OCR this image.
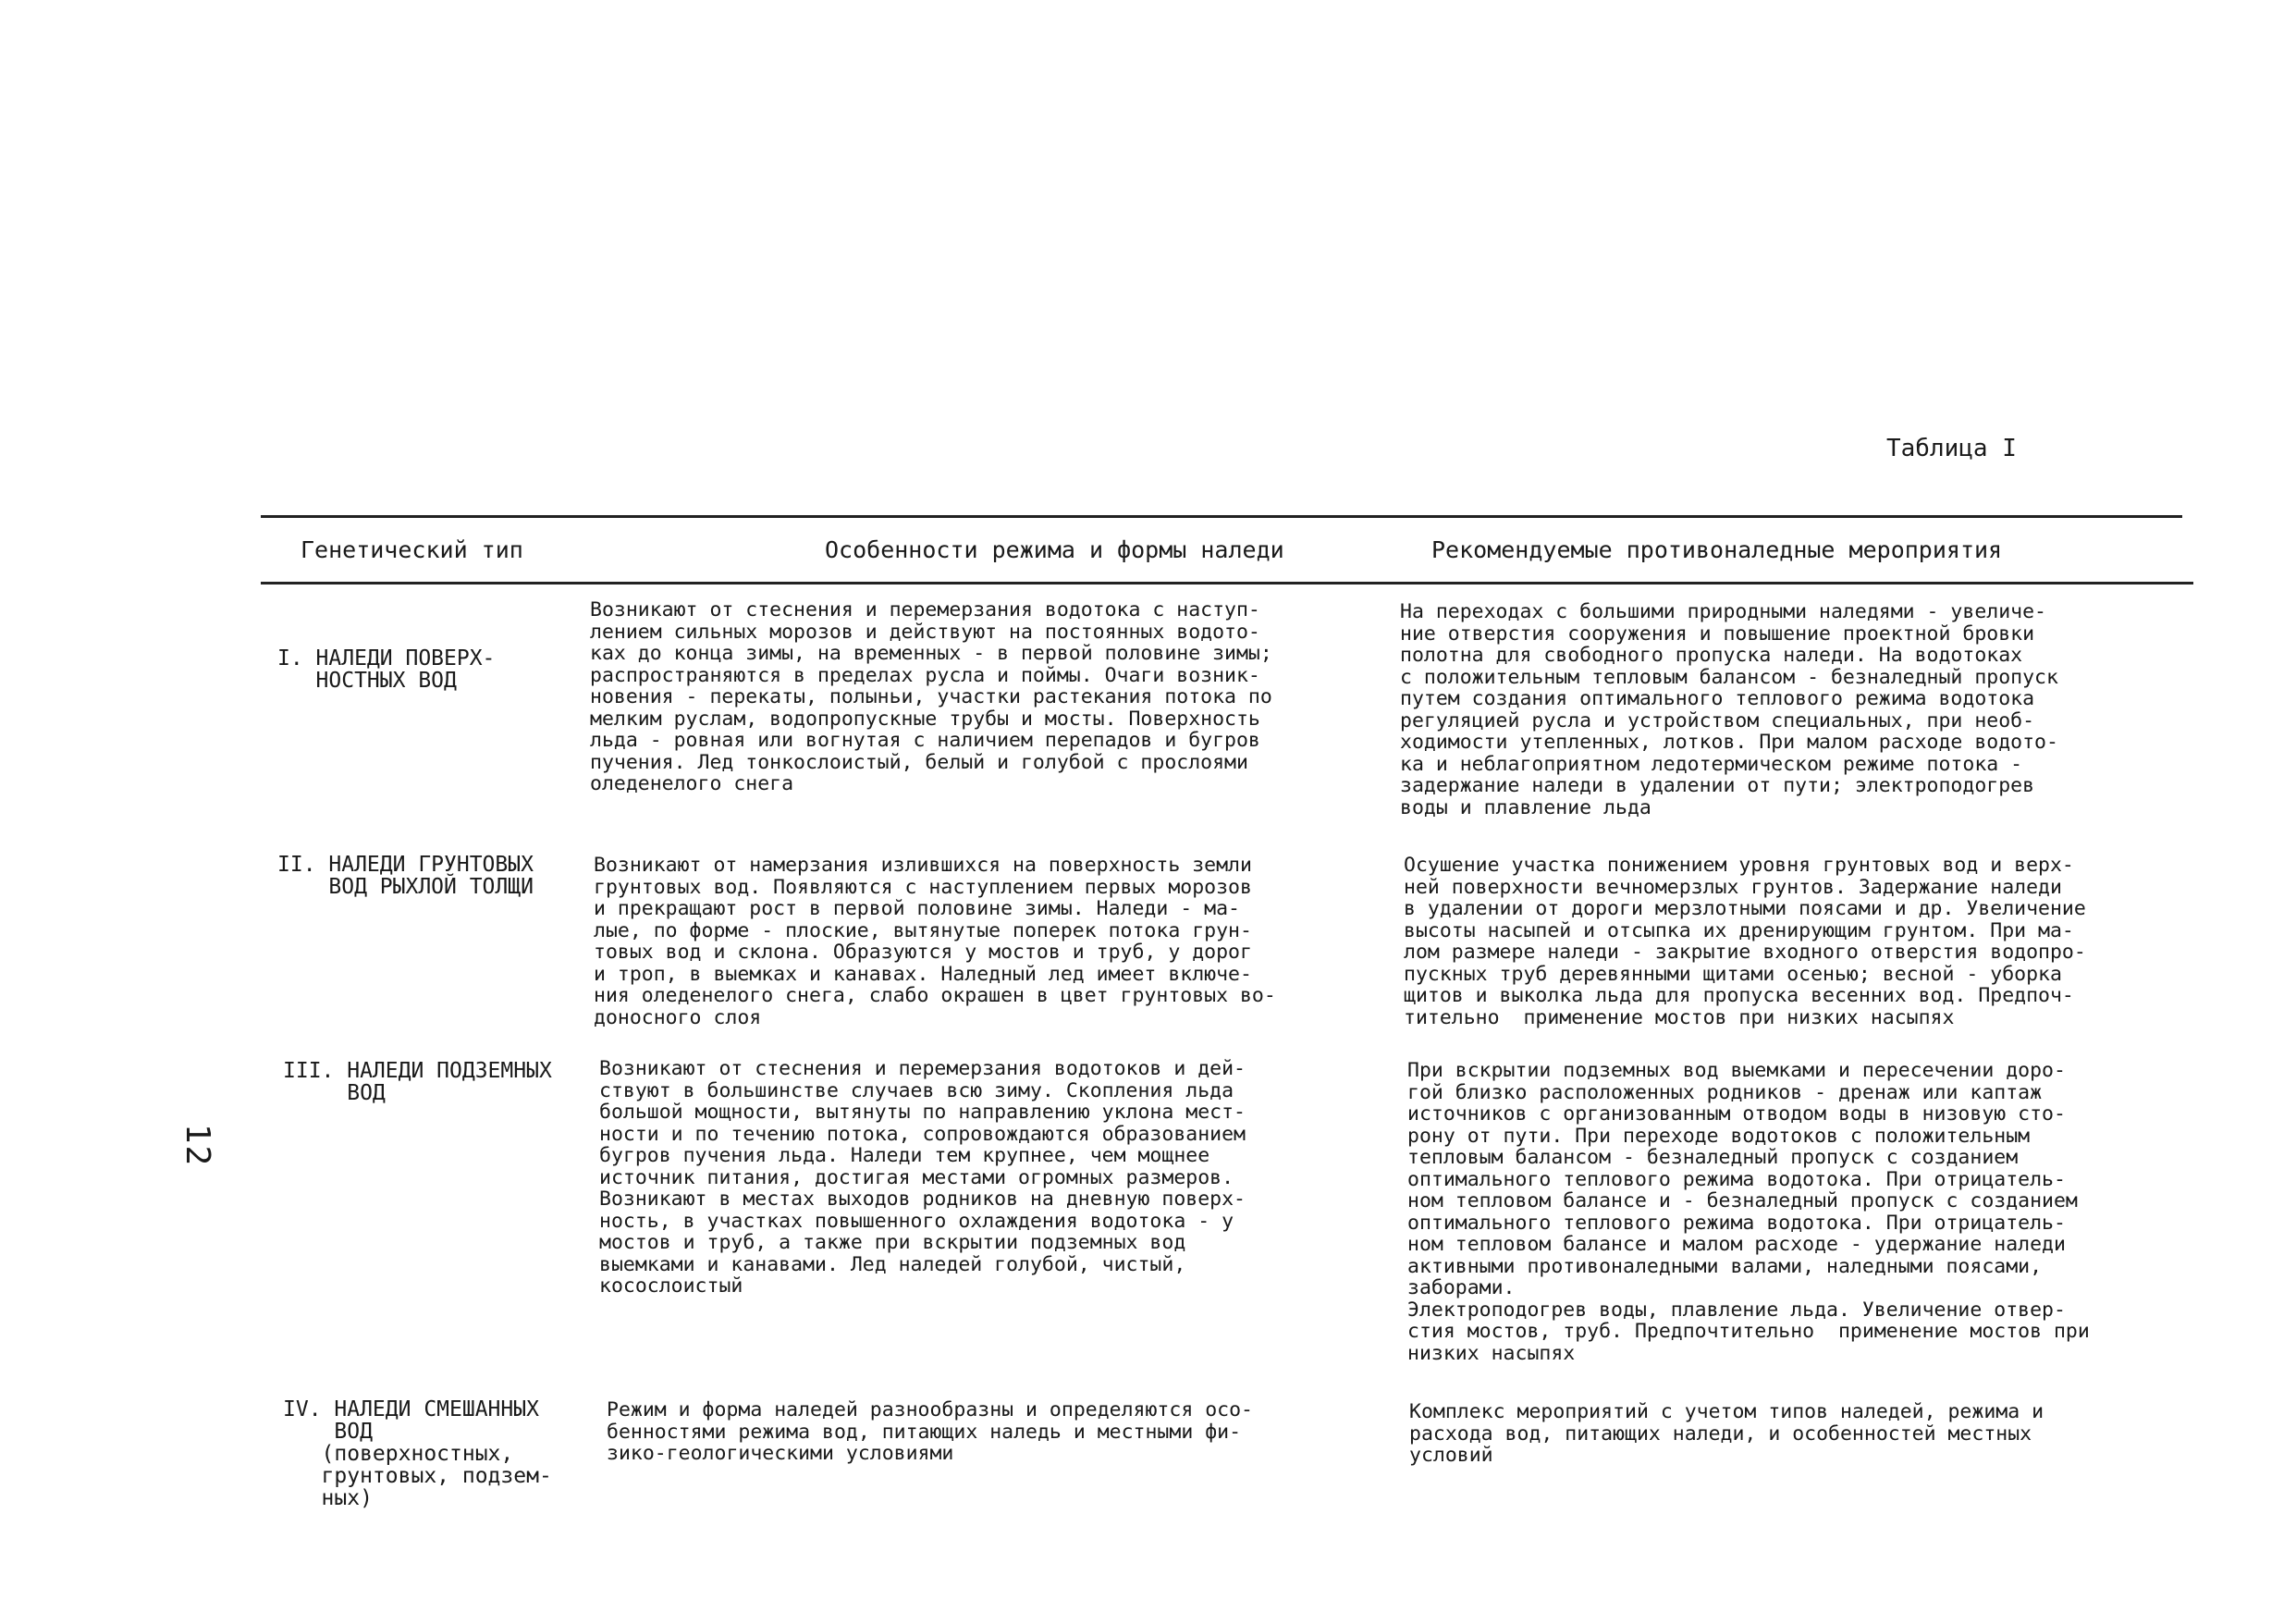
12
Таблица I
Генетический тип	Особенности режима и формы наледи	Рекомендуемые противоналедные мероприятия
I. НАЛЕДИ ПОВЕРХ-
НОСТНЫХ ВОД
Возникают от стеснения и перемерзания водотока с наступ-
лением сильных морозов и действуют на постоянных водото-
ках до конца зимы, на временных - в первой половине зимы;
распространяются в пределах русла и поймы. Очаги возник-
новения - перекаты, полыньи, участки растекания потока по
мелким руслам, водопропускные трубы и мосты. Поверхность
льда - ровная или вогнутая с наличием перепадов и бугров
пучения. Лед тонкослоистый, белый и голубой с прослоями
оледенелого снега
На переходах с большими природными наледями - увеличе-
ние отверстия сооружения и повышение проектной бровки
полотна для свободного пропуска наледи. На водотоках
с положительным тепловым балансом - безналедный пропуск
путем создания оптимального теплового режима водотока
регуляцией русла и устройством специальных, при необ-
ходимости утепленных, лотков. При малом расходе водото-
ка и неблагоприятном ледотермическом режиме потока -
задержание наледи в удалении от пути; электроподогрев
воды и плавление льда
II. НАЛЕДИ ГРУНТОВЫХ
ВОД РЫХЛОЙ ТОЛЩИ
Возникают от намерзания излившихся на поверхность земли
грунтовых вод. Появляются с наступлением первых морозов
и прекращают рост в первой половине зимы. Наледи - ма-
лые, по форме - плоские, вытянутые поперек потока грун-
товых вод и склона. Образуются у мостов и труб, у дорог
и троп, в выемках и канавах. Наледный лед имеет включе-
ния оледенелого снега, слабо окрашен в цвет грунтовых во-
доносного слоя
Осушение участка понижением уровня грунтовых вод и верх-
ней поверхности вечномерзлых грунтов. Задержание наледи
в удалении от дороги мерзлотными поясами и др. Увеличение
высоты насыпей и отсыпка их дренирующим грунтом. При ма-
лом размере наледи - закрытие входного отверстия водопро-
пускных труб деревянными щитами осенью; весной - уборка
щитов и выколка льда для пропуска весенних вод. Предпоч-
тительно  применение мостов при низких насыпях
III. НАЛЕДИ ПОДЗЕМНЫХ
ВОД
Возникают от стеснения и перемерзания водотоков и дей-
ствуют в большинстве случаев всю зиму. Скопления льда
большой мощности, вытянуты по направлению уклона мест-
ности и по течению потока, сопровождаются образованием
бугров пучения льда. Наледи тем крупнее, чем мощнее
источник питания, достигая местами огромных размеров.
Возникают в местах выходов родников на дневную поверх-
ность, в участках повышенного охлаждения водотока - у
мостов и труб, а также при вскрытии подземных вод
выемками и канавами. Лед наледей голубой, чистый,
косослоистый
При вскрытии подземных вод выемками и пересечении доро-
гой близко расположенных родников - дренаж или каптаж
источников с организованным отводом воды в низовую сто-
рону от пути. При переходе водотоков с положительным
тепловым балансом - безналедный пропуск с созданием
оптимального теплового режима водотока. При отрицатель-
ном тепловом балансе и - безналедный пропуск с созданием
оптимального теплового режима водотока. При отрицатель-
ном тепловом балансе и малом расходе - удержание наледи
активными противоналедными валами, наледными поясами,
заборами.
Электроподогрев воды, плавление льда. Увеличение отвер-
стия мостов, труб. Предпочтительно  применение мостов при
низких насыпях
IV. НАЛЕДИ СМЕШАННЫХ
ВОД
(поверхностных,
грунтовых, подзем-
ных)
Режим и форма наледей разнообразны и определяются осо-
бенностями режима вод, питающих наледь и местными фи-
зико-геологическими условиями
Комплекс мероприятий с учетом типов наледей, режима и
расхода вод, питающих наледи, и особенностей местных
условий
